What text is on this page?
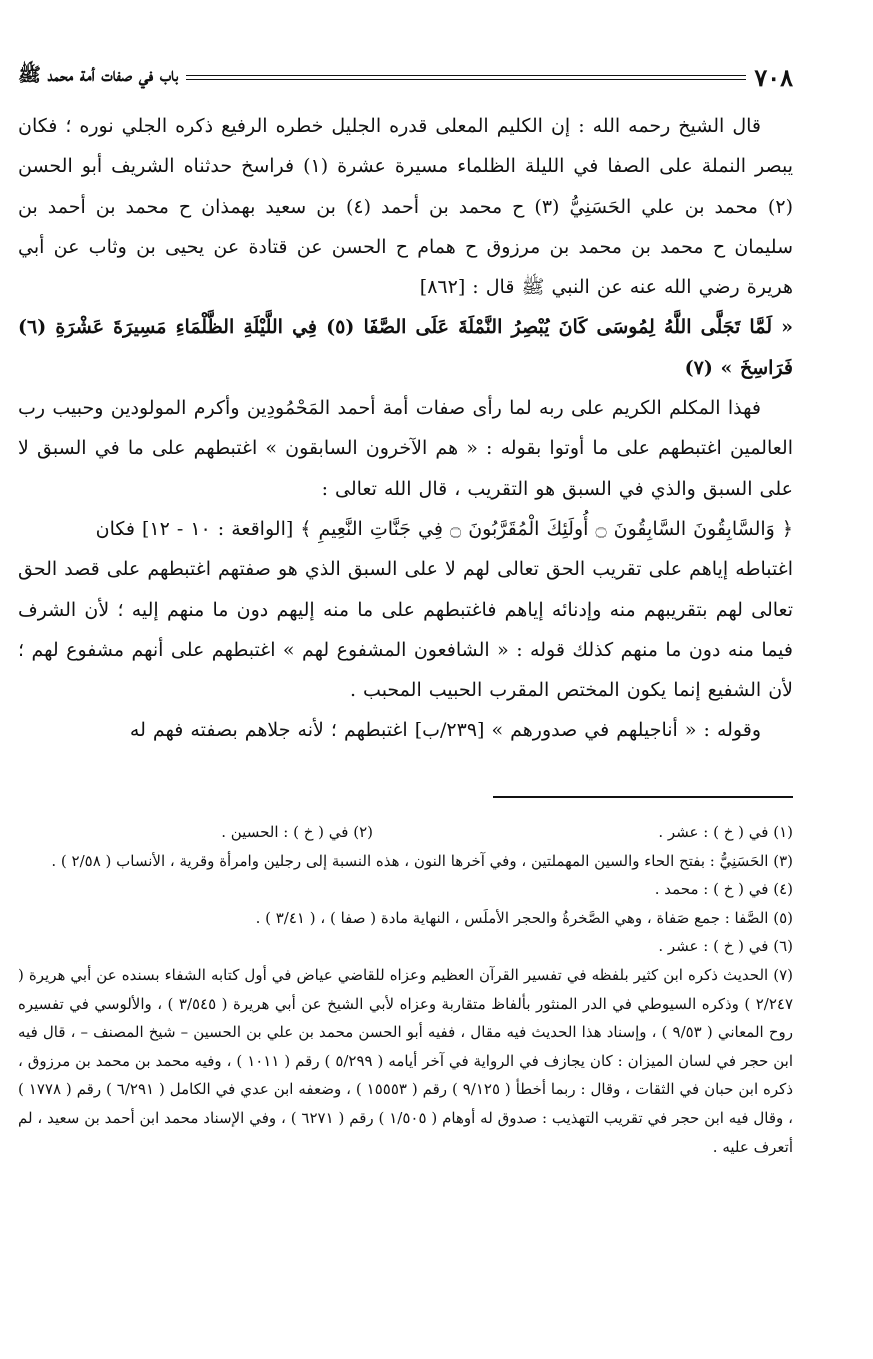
٧٠٨
باب في صفات أمة محمد ﷺ

قال الشيخ رحمه الله : إن الكليم المعلى قدره الجليل خطره الرفيع ذكره الجلي نوره ؛ فكان يبصر النملة على الصفا في الليلة الظلماء مسيرة عشرة (١) فراسخ حدثناه الشريف أبو الحسن (٢) محمد بن علي الحَسَنِيُّ (٣) ح محمد بن أحمد (٤) بن سعيد بهمذان ح محمد بن أحمد بن سليمان ح محمد بن محمد بن مرزوق ح همام ح الحسن عن قتادة عن يحيى بن وثاب عن أبي هريرة رضي الله عنه عن النبي ﷺ قال : [٨٦٢]

« لَمَّا تَجَلَّى اللَّهُ لِمُوسَى كَانَ يُبْصِرُ النَّمْلَةَ عَلَى الصَّفَا (٥) فِي اللَّيْلَةِ الظَّلْمَاءِ مَسِيرَةَ عَشْرَةِ (٦) فَرَاسِخَ » (٧)

فهذا المكلم الكريم على ربه لما رأى صفات أمة أحمد المَحْمُودِين وأكرم المولودين وحبيب رب العالمين اغتبطهم على ما أوتوا بقوله : « هم الآخرون السابقون » اغتبطهم على ما في السبق لا على السبق والذي في السبق هو التقريب ، قال الله تعالى :

﴿ وَالسَّابِقُونَ السَّابِقُونَ ۝ أُولَئِكَ الْمُقَرَّبُونَ ۝ فِي جَنَّاتِ النَّعِيمِ ﴾ [الواقعة : ١٠ - ١٢] فكان

اغتباطه إياهم على تقريب الحق تعالى لهم لا على السبق الذي هو صفتهم اغتبطهم على قصد الحق تعالى لهم بتقريبهم منه وإدنائه إياهم فاغتبطهم على ما منه إليهم دون ما منهم إليه ؛ لأن الشرف فيما منه دون ما منهم كذلك قوله : « الشافعون المشفوع لهم » اغتبطهم على أنهم مشفوع لهم ؛ لأن الشفيع إنما يكون المختص المقرب الحبيب المحبب .

وقوله : « أناجيلهم في صدورهم » [٢٣٩/ب] اغتبطهم ؛ لأنه جلاهم بصفته فهم له

(١) في ( خ ) : عشر .
(٢) في ( خ ) : الحسين .

(٣) الحَسَنِيُّ : بفتح الحاء والسين المهملتين ، وفي آخرها النون ، هذه النسبة إلى رجلين وامرأة وقرية ، الأنساب ( ٢/٥٨ ) .

(٤) في ( خ ) : محمد .

(٥) الصَّفا : جمع صَفاة ، وهي الصَّخرةُ والحجر الأملَس ، النهاية مادة ( صفا ) ، ( ٣/٤١ ) .

(٦) في ( خ ) : عشر .

(٧) الحديث ذكره ابن كثير بلفظه في تفسير القرآن العظيم وعزاه للقاضي عياض في أول كتابه الشفاء بسنده عن أبي هريرة ( ٢/٢٤٧ ) وذكره السيوطي في الدر المنثور بألفاظ متقاربة وعزاه لأبي الشيخ عن أبي هريرة ( ٣/٥٤٥ ) ، والألوسي في تفسيره روح المعاني ( ٩/٥٣ ) ، وإسناد هذا الحديث فيه مقال ، ففيه أبو الحسن محمد بن علي بن الحسين – شيخ المصنف – ، قال فيه ابن حجر في لسان الميزان : كان يجازف في الرواية في آخر أيامه ( ٥/٢٩٩ ) رقم ( ١٠١١ ) ، وفيه محمد بن محمد بن مرزوق ، ذكره ابن حبان في الثقات ، وقال : ربما أخطأ ( ٩/١٢٥ ) رقم ( ١٥٥٥٣ ) ، وضعفه ابن عدي في الكامل ( ٦/٢٩١ ) رقم ( ١٧٧٨ ) ، وقال فيه ابن حجر في تقريب التهذيب : صدوق له أوهام ( ١/٥٠٥ ) رقم ( ٦٢٧١ ) ، وفي الإسناد محمد ابن أحمد بن سعيد ، لم أتعرف عليه .
